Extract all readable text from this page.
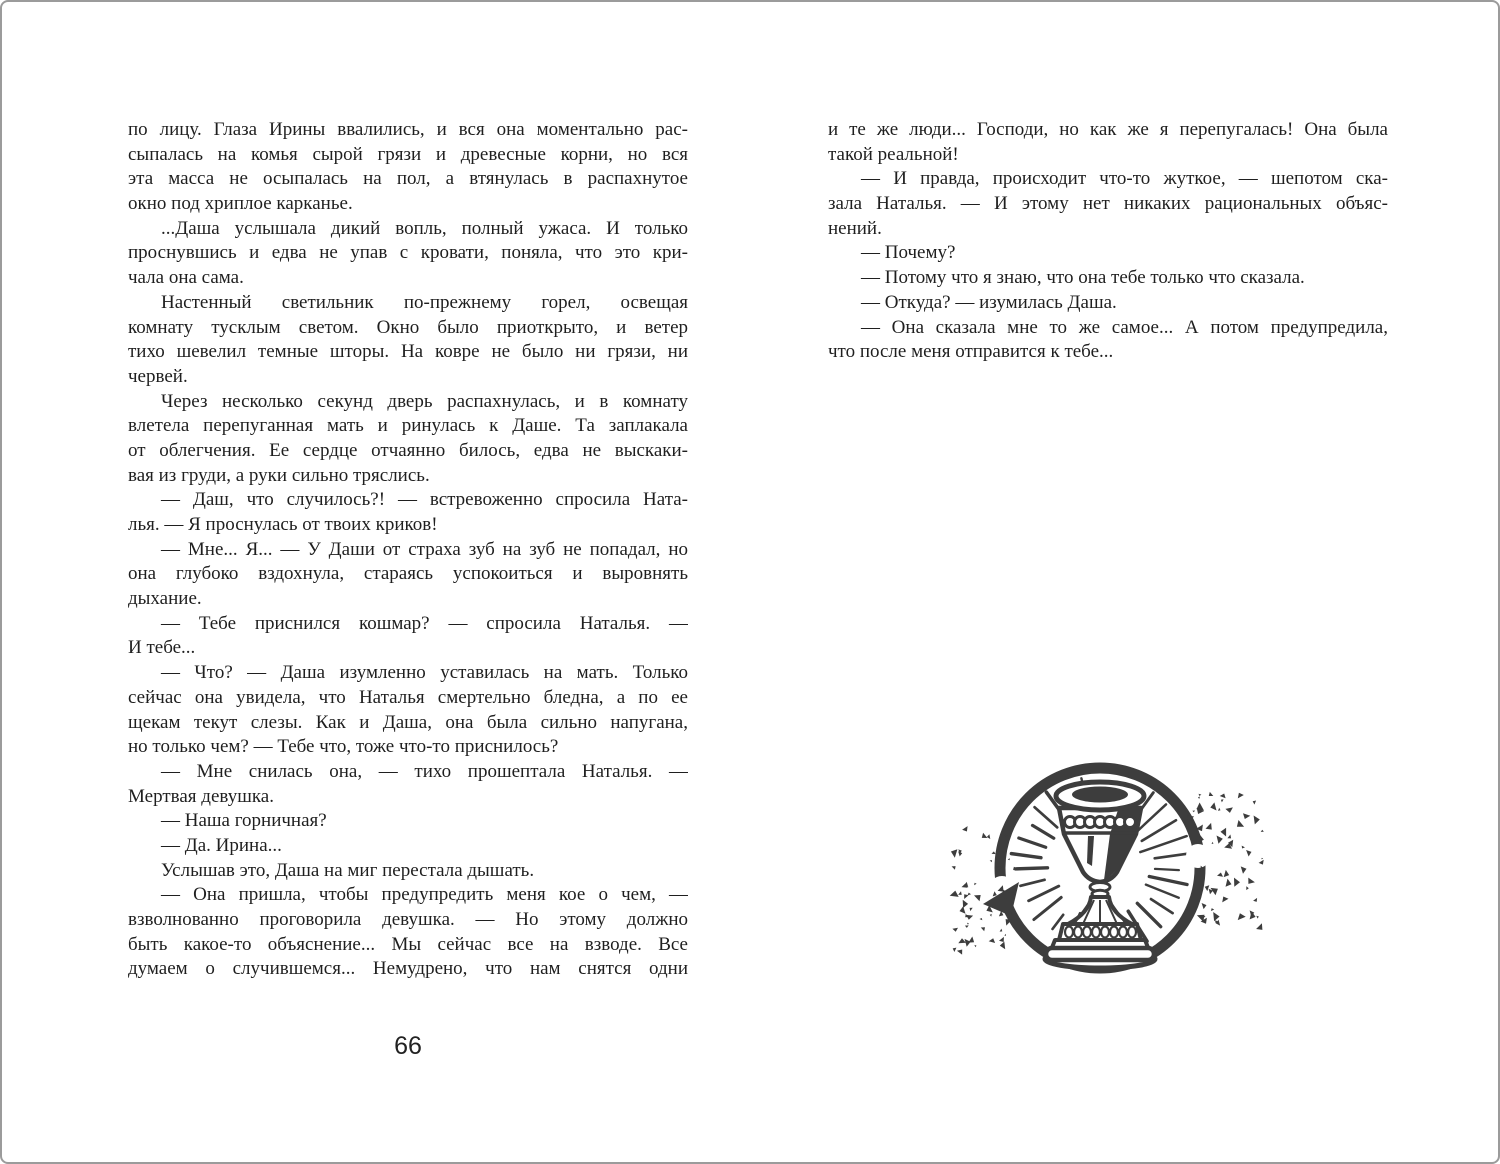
по лицу. Глаза Ирины ввалились, и вся она моментально рас-
сыпалась на комья сырой грязи и древесные корни, но вся
эта масса не осыпалась на пол, а втянулась в распахнутое
окно под хриплое карканье.
...Даша услышала дикий вопль, полный ужаса. И только
проснувшись и едва не упав с кровати, поняла, что это кри-
чала она сама.
Настенный светильник по-прежнему горел, освещая
комнату тусклым светом. Окно было приоткрыто, и ветер
тихо шевелил темные шторы. На ковре не было ни грязи, ни
червей.
Через несколько секунд дверь распахнулась, и в комнату
влетела перепуганная мать и ринулась к Даше. Та заплакала
от облегчения. Ее сердце отчаянно билось, едва не выскаки-
вая из груди, а руки сильно тряслись.
— Даш, что случилось?! — встревоженно спросила Ната-
лья. — Я проснулась от твоих криков!
— Мне... Я... — У Даши от страха зуб на зуб не попадал, но
она глубоко вздохнула, стараясь успокоиться и выровнять
дыхание.
— Тебе приснился кошмар? — спросила Наталья. —
И тебе...
— Что? — Даша изумленно уставилась на мать. Только
сейчас она увидела, что Наталья смертельно бледна, а по ее
щекам текут слезы. Как и Даша, она была сильно напугана,
но только чем? — Тебе что, тоже что-то приснилось?
— Мне снилась она, — тихо прошептала Наталья. —
Мертвая девушка.
— Наша горничная?
— Да. Ирина...
Услышав это, Даша на миг перестала дышать.
— Она пришла, чтобы предупредить меня кое о чем, —
взволнованно проговорила девушка. — Но этому должно
быть какое-то объяснение... Мы сейчас все на взводе. Все
думаем о случившемся... Немудрено, что нам снятся одни
и те же люди... Господи, но как же я перепугалась! Она была
такой реальной!
— И правда, происходит что-то жуткое, — шепотом ска-
зала Наталья. — И этому нет никаких рациональных объяс-
нений.
— Почему?
— Потому что я знаю, что она тебе только что сказала.
— Откуда? — изумилась Даша.
— Она сказала мне то же самое... А потом предупредила,
что после меня отправится к тебе...
66
